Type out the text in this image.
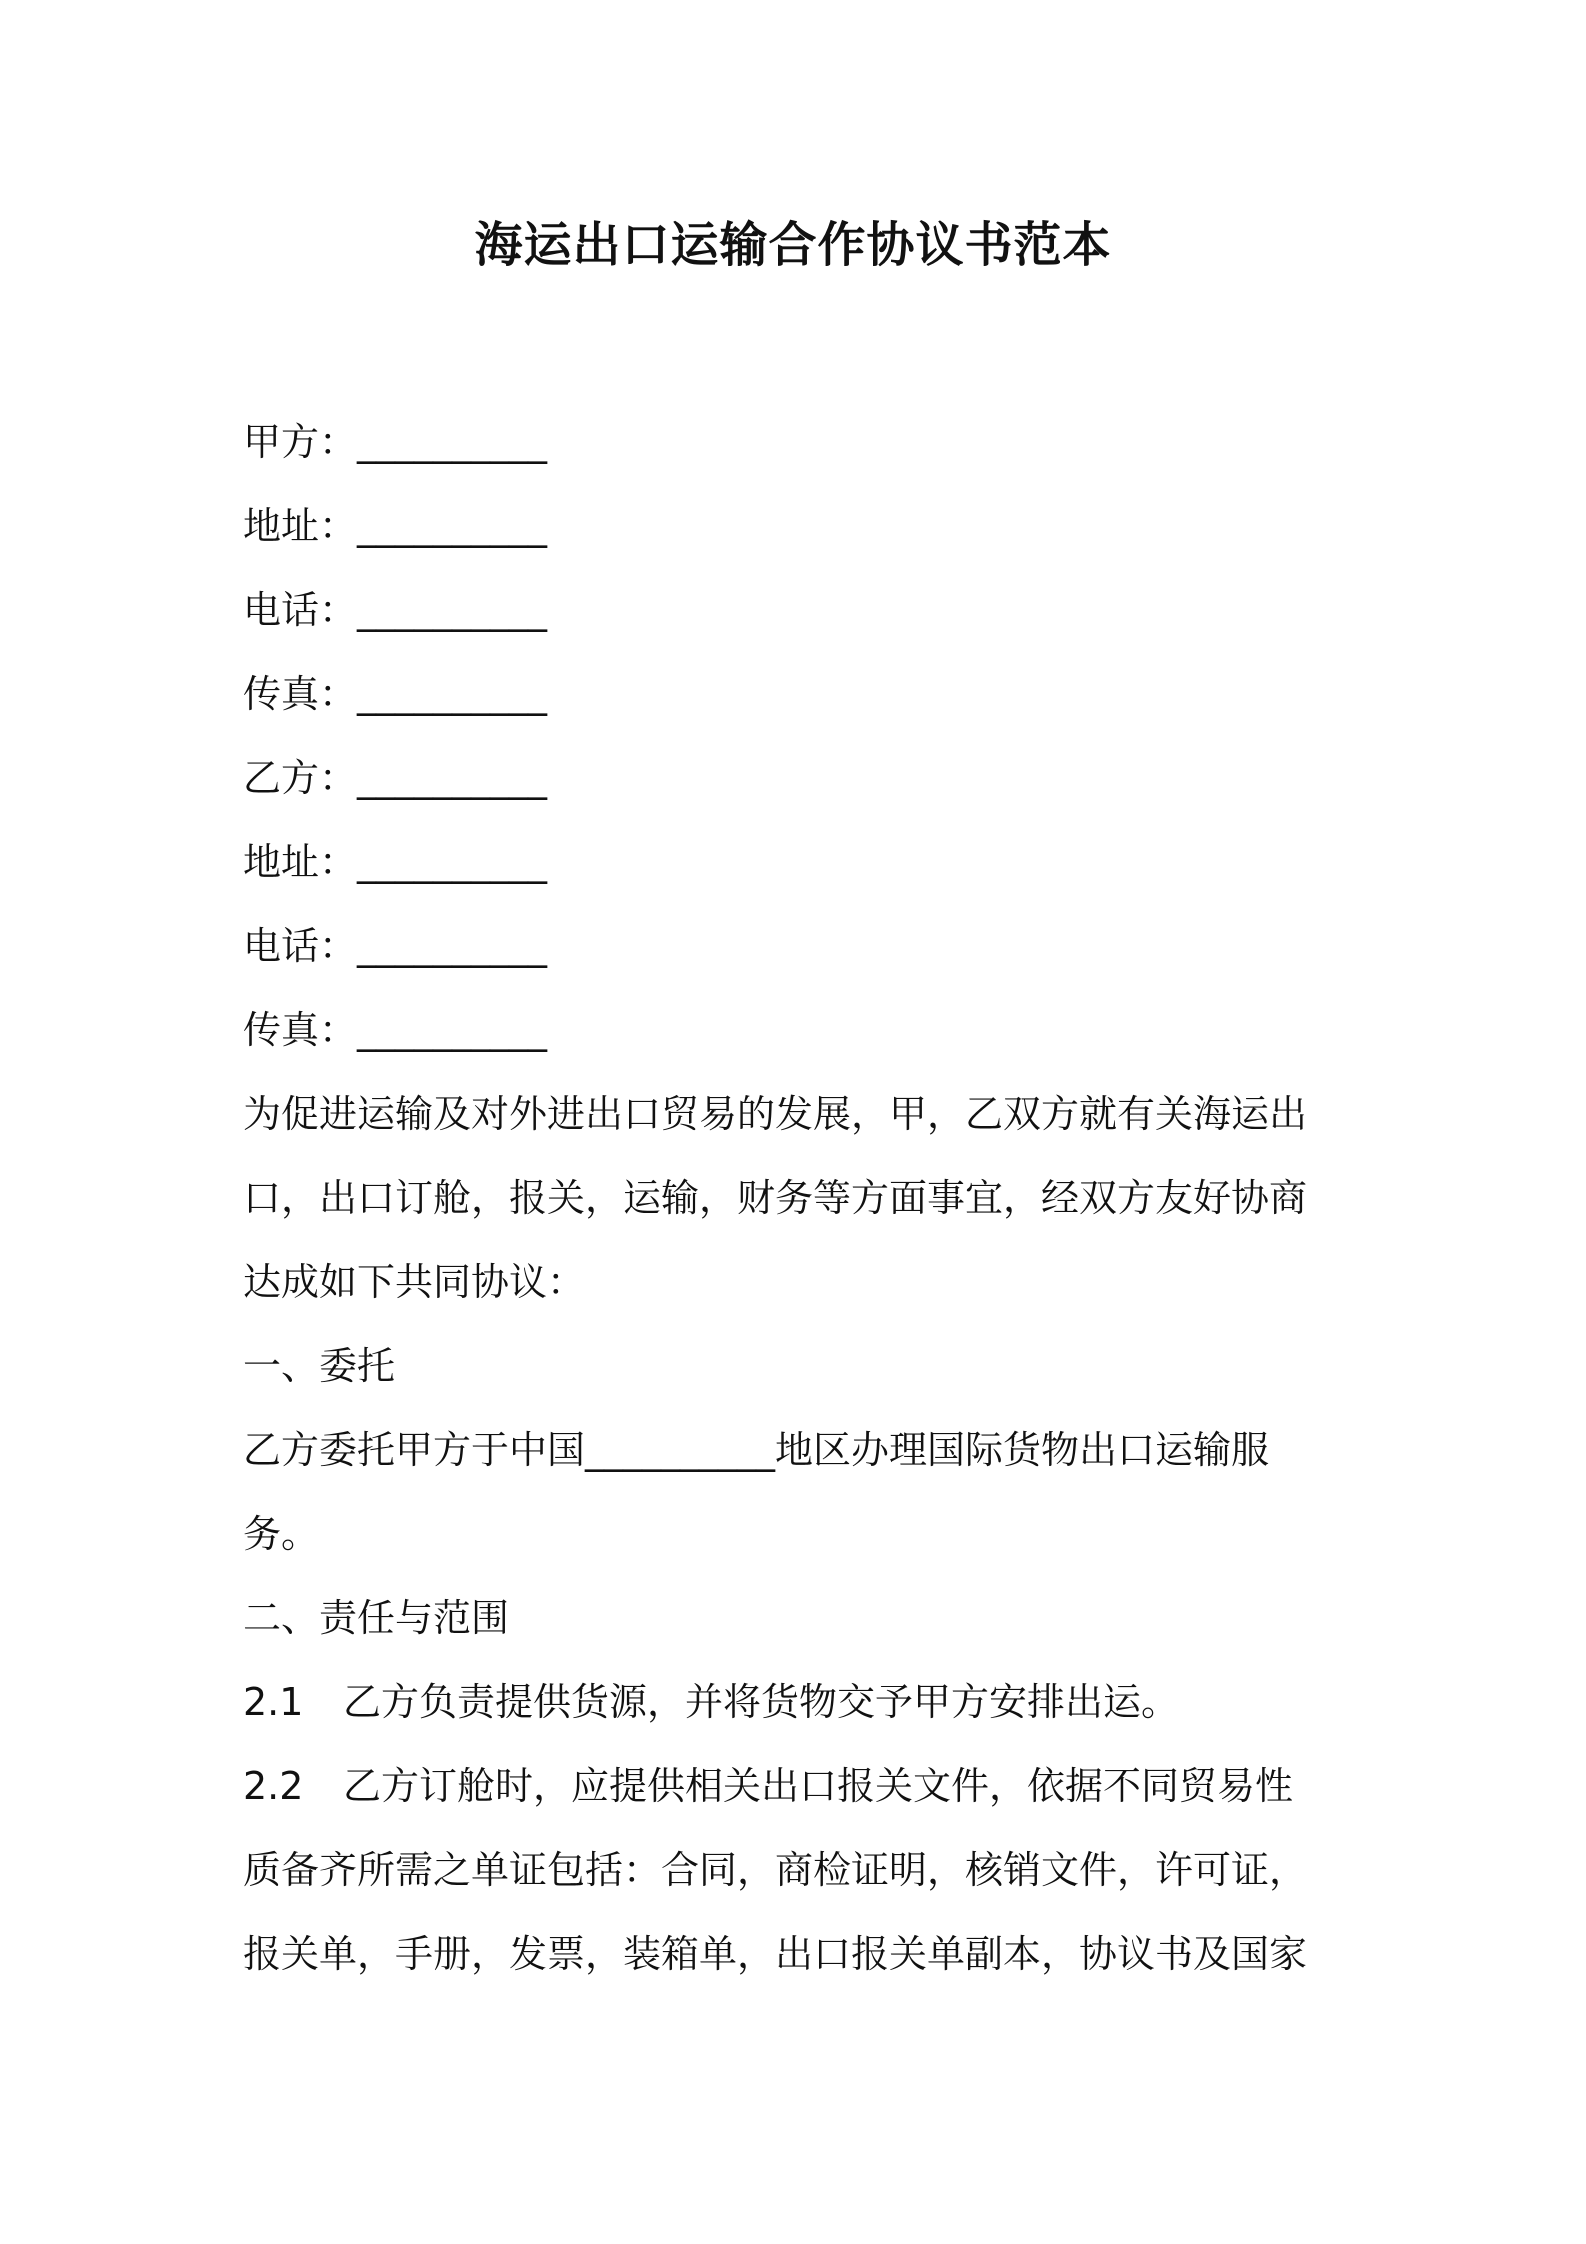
海运出口运输合作协议书范本

甲方：__________

地址：__________

电话：__________

传真：__________

乙方：__________

地址：__________

电话：__________

传真：__________

为促进运输及对外进出口贸易的发展，甲，乙双方就有关海运出

口，出口订舱，报关，运输，财务等方面事宜，经双方友好协商

达成如下共同协议：

一、委托

乙方委托甲方于中国__________地区办理国际货物出口运输服

务。

二、责任与范围

2.1 乙方负责提供货源，并将货物交予甲方安排出运。

2.2 乙方订舱时，应提供相关出口报关文件，依据不同贸易性

质备齐所需之单证包括：合同，商检证明，核销文件，许可证，

报关单，手册，发票，装箱单，出口报关单副本，协议书及国家
